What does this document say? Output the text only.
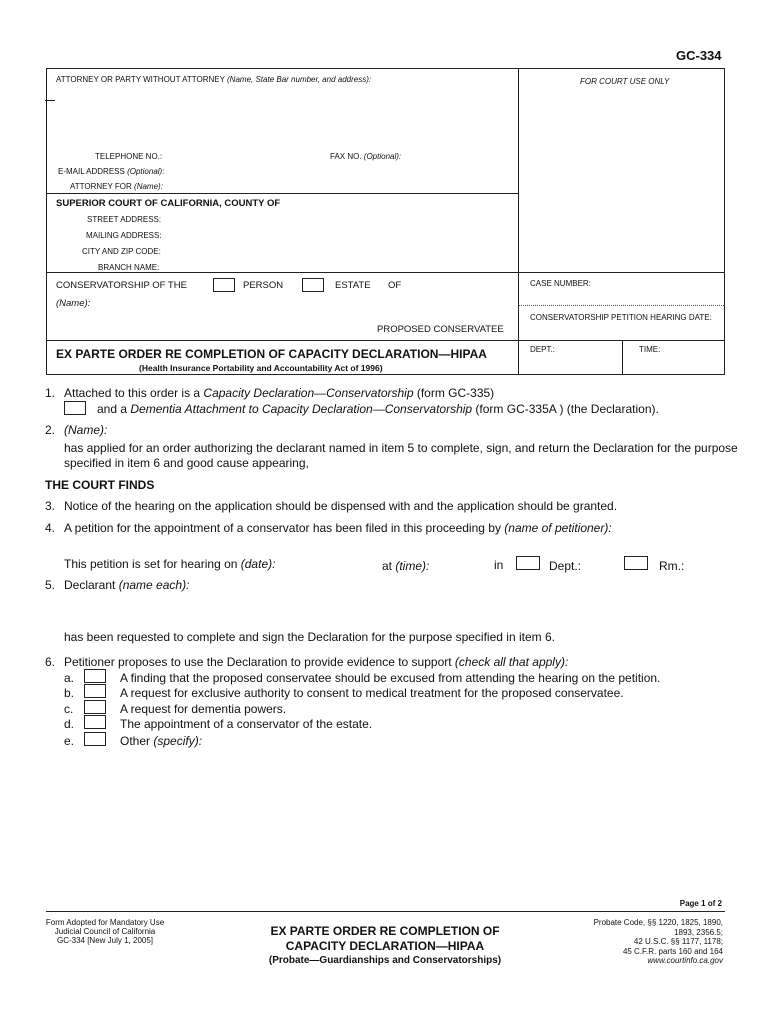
GC-334
ATTORNEY OR PARTY WITHOUT ATTORNEY (Name, State Bar number, and address):	FOR COURT USE ONLY
TELEPHONE NO.:	FAX NO. (Optional):
E-MAIL ADDRESS (Optional):
ATTORNEY FOR (Name):
SUPERIOR COURT OF CALIFORNIA, COUNTY OF
STREET ADDRESS:
MAILING ADDRESS:
CITY AND ZIP CODE:
BRANCH NAME:
CONSERVATORSHIP OF THE	PERSON	ESTATE OF
(Name):
PROPOSED CONSERVATEE
CASE NUMBER:
CONSERVATORSHIP PETITION HEARING DATE:
DEPT.:	TIME:
EX PARTE ORDER RE COMPLETION OF CAPACITY DECLARATION—HIPAA
(Health Insurance Portability and Accountability Act of 1996)
1. Attached to this order is a Capacity Declaration—Conservatorship (form GC-335)
and a Dementia Attachment to Capacity Declaration—Conservatorship (form GC-335A ) (the Declaration).
2. (Name):
has applied for an order authorizing the declarant named in item 5 to complete, sign, and return the Declaration for the purpose
specified in item 6 and good cause appearing,
THE COURT FINDS
3. Notice of the hearing on the application should be dispensed with and the application should be granted.
4. A petition for the appointment of a conservator has been filed in this proceeding by (name of petitioner):
This petition is set for hearing on (date):	at (time):	in	Dept.:	Rm.:
5. Declarant (name each):
has been requested to complete and sign the Declaration for the purpose specified in item 6.
6. Petitioner proposes to use the Declaration to provide evidence to support (check all that apply):
a.	A finding that the proposed conservatee should be excused from attending the hearing on the petition.
b.	A request for exclusive authority to consent to medical treatment for the proposed conservatee.
c.	A request for dementia powers.
d.	The appointment of a conservator of the estate.
e.	Other (specify):
Page 1 of 2
Form Adopted for Mandatory Use
Judicial Council of California
GC-334 [New July 1, 2005]
EX PARTE ORDER RE COMPLETION OF
CAPACITY DECLARATION—HIPAA
(Probate—Guardianships and Conservatorships)
Probate Code, §§ 1220, 1825, 1890,
1893, 2356.5;
42 U.S.C. §§ 1177, 1178;
45 C.F.R. parts 160 and 164
www.courtinfo.ca.gov
